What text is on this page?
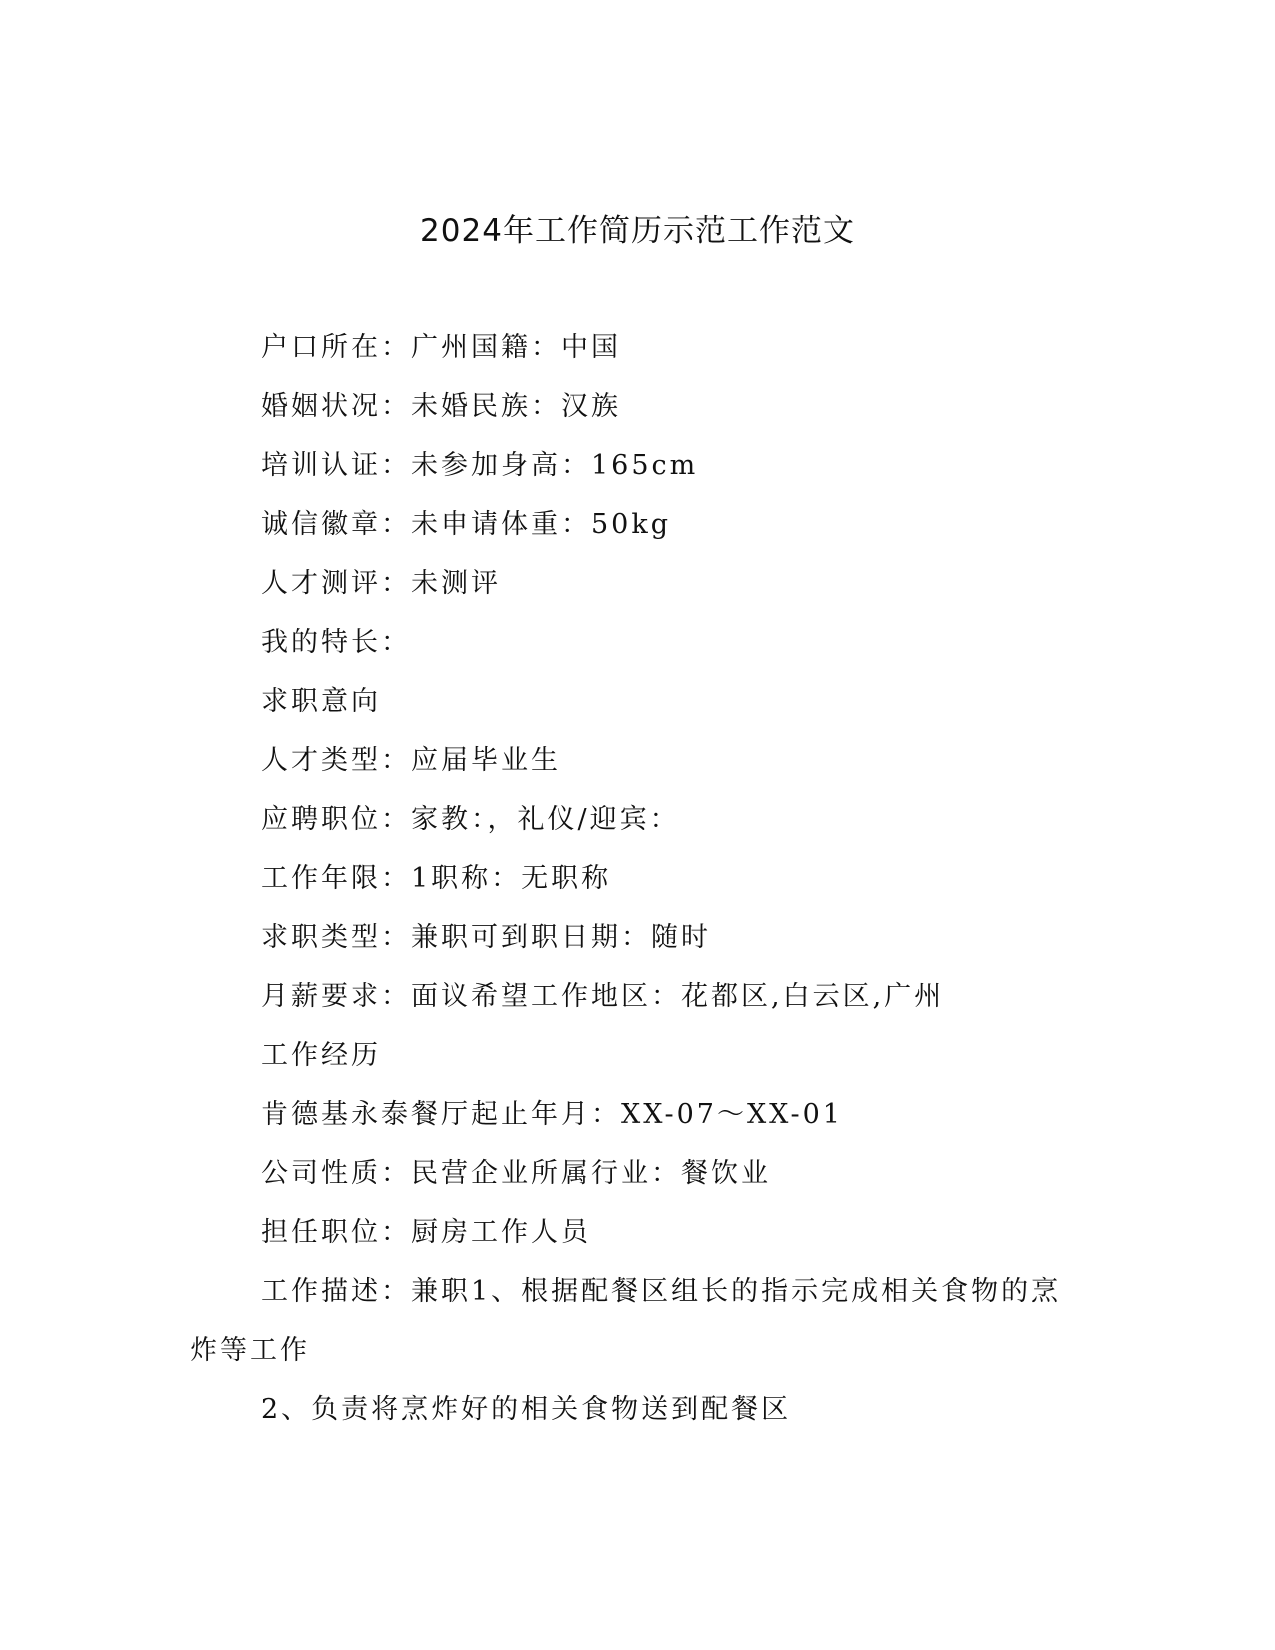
2024年工作简历示范工作范文

户口所在：广州国籍：中国

婚姻状况：未婚民族：汉族

培训认证：未参加身高：165cm

诚信徽章：未申请体重：50kg

人才测评：未测评

我的特长：

求职意向

人才类型：应届毕业生

应聘职位：家教：，礼仪/迎宾：

工作年限：1职称：无职称

求职类型：兼职可到职日期：随时

月薪要求：面议希望工作地区：花都区,白云区,广州

工作经历

肯德基永泰餐厅起止年月：XX-07～XX-01

公司性质：民营企业所属行业：餐饮业

担任职位：厨房工作人员

工作描述：兼职1、根据配餐区组长的指示完成相关食物的烹炸等工作

2、负责将烹炸好的相关食物送到配餐区
